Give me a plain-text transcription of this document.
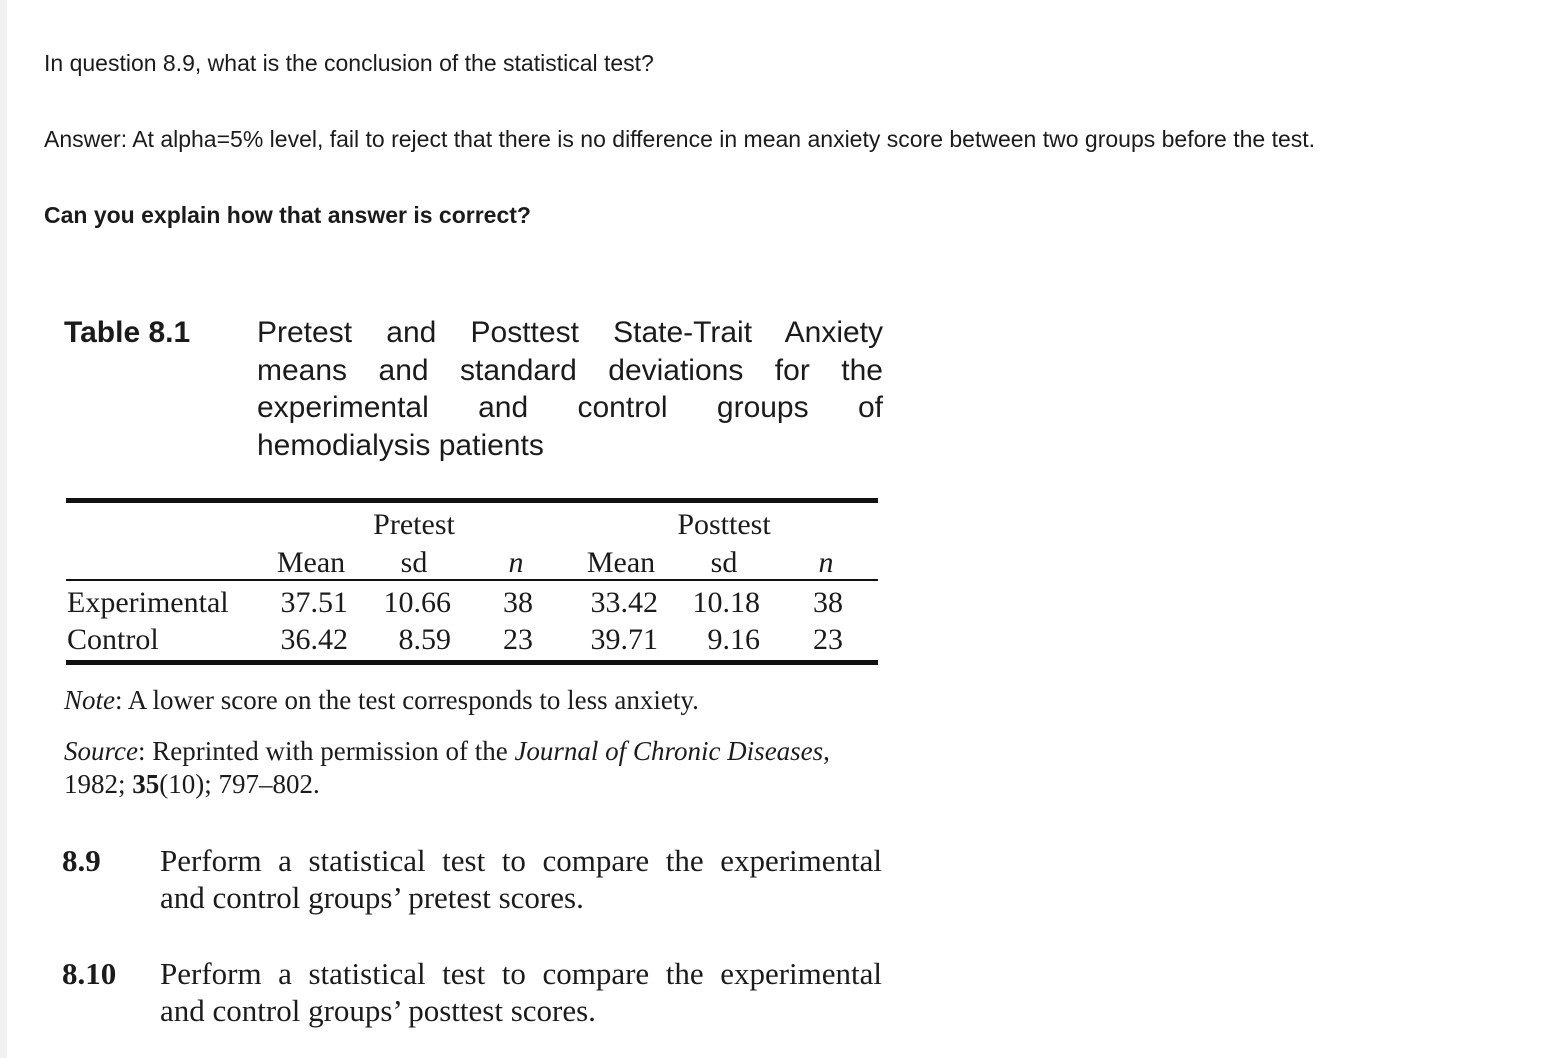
In question 8.9, what is the conclusion of the statistical test?
Answer: At alpha=5% level, fail to reject that there is no difference in mean anxiety score between two groups before the test.
Can you explain how that answer is correct?
Table 8.1 Pretest and Posttest State-Trait Anxiety
means and standard deviations for the
experimental and control groups of
hemodialysis patients
Pretest	Posttest
Mean sd	n Mean sd	n
Experimental 37.51 10.66 38 33.42 10.18 38
Control	36.42 8.59 23 39.71 9.16 23
Note: A lower score on the test corresponds to less anxiety.
Source: Reprinted with permission of the Journal of Chronic Diseases,
1982; 35(10); 797–802.
8.9 Perform a statistical test to compare the experimental
and control groups’ pretest scores.
8.10 Perform a statistical test to compare the experimental
and control groups’ posttest scores.
